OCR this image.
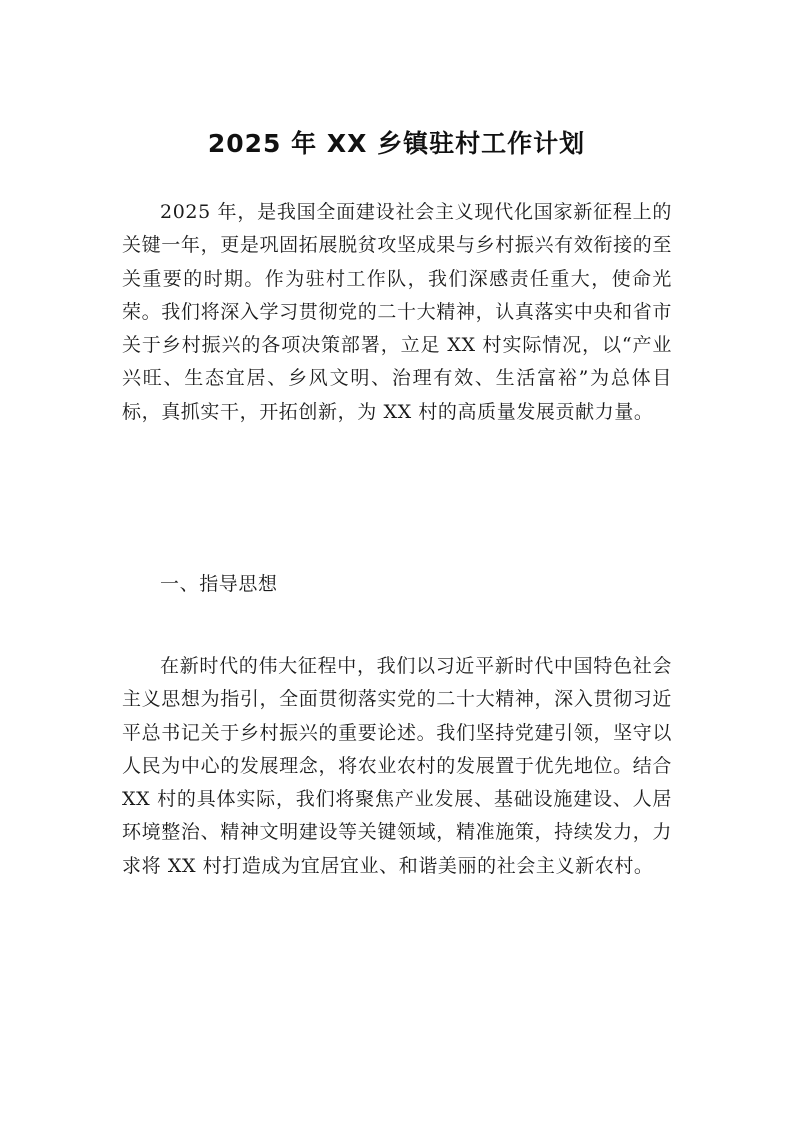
2025 年 XX 乡镇驻村工作计划

2025 年，是我国全面建设社会主义现代化国家新征程上的关键一年，更是巩固拓展脱贫攻坚成果与乡村振兴有效衔接的至关重要的时期。作为驻村工作队，我们深感责任重大，使命光荣。我们将深入学习贯彻党的二十大精神，认真落实中央和省市关于乡村振兴的各项决策部署，立足 XX 村实际情况，以“产业兴旺、生态宜居、乡风文明、治理有效、生活富裕”为总体目标，真抓实干，开拓创新，为 XX 村的高质量发展贡献力量。

一、指导思想

在新时代的伟大征程中，我们以习近平新时代中国特色社会主义思想为指引，全面贯彻落实党的二十大精神，深入贯彻习近平总书记关于乡村振兴的重要论述。我们坚持党建引领，坚守以人民为中心的发展理念，将农业农村的发展置于优先地位。结合 XX 村的具体实际，我们将聚焦产业发展、基础设施建设、人居环境整治、精神文明建设等关键领域，精准施策，持续发力，力求将 XX 村打造成为宜居宜业、和谐美丽的社会主义新农村。
